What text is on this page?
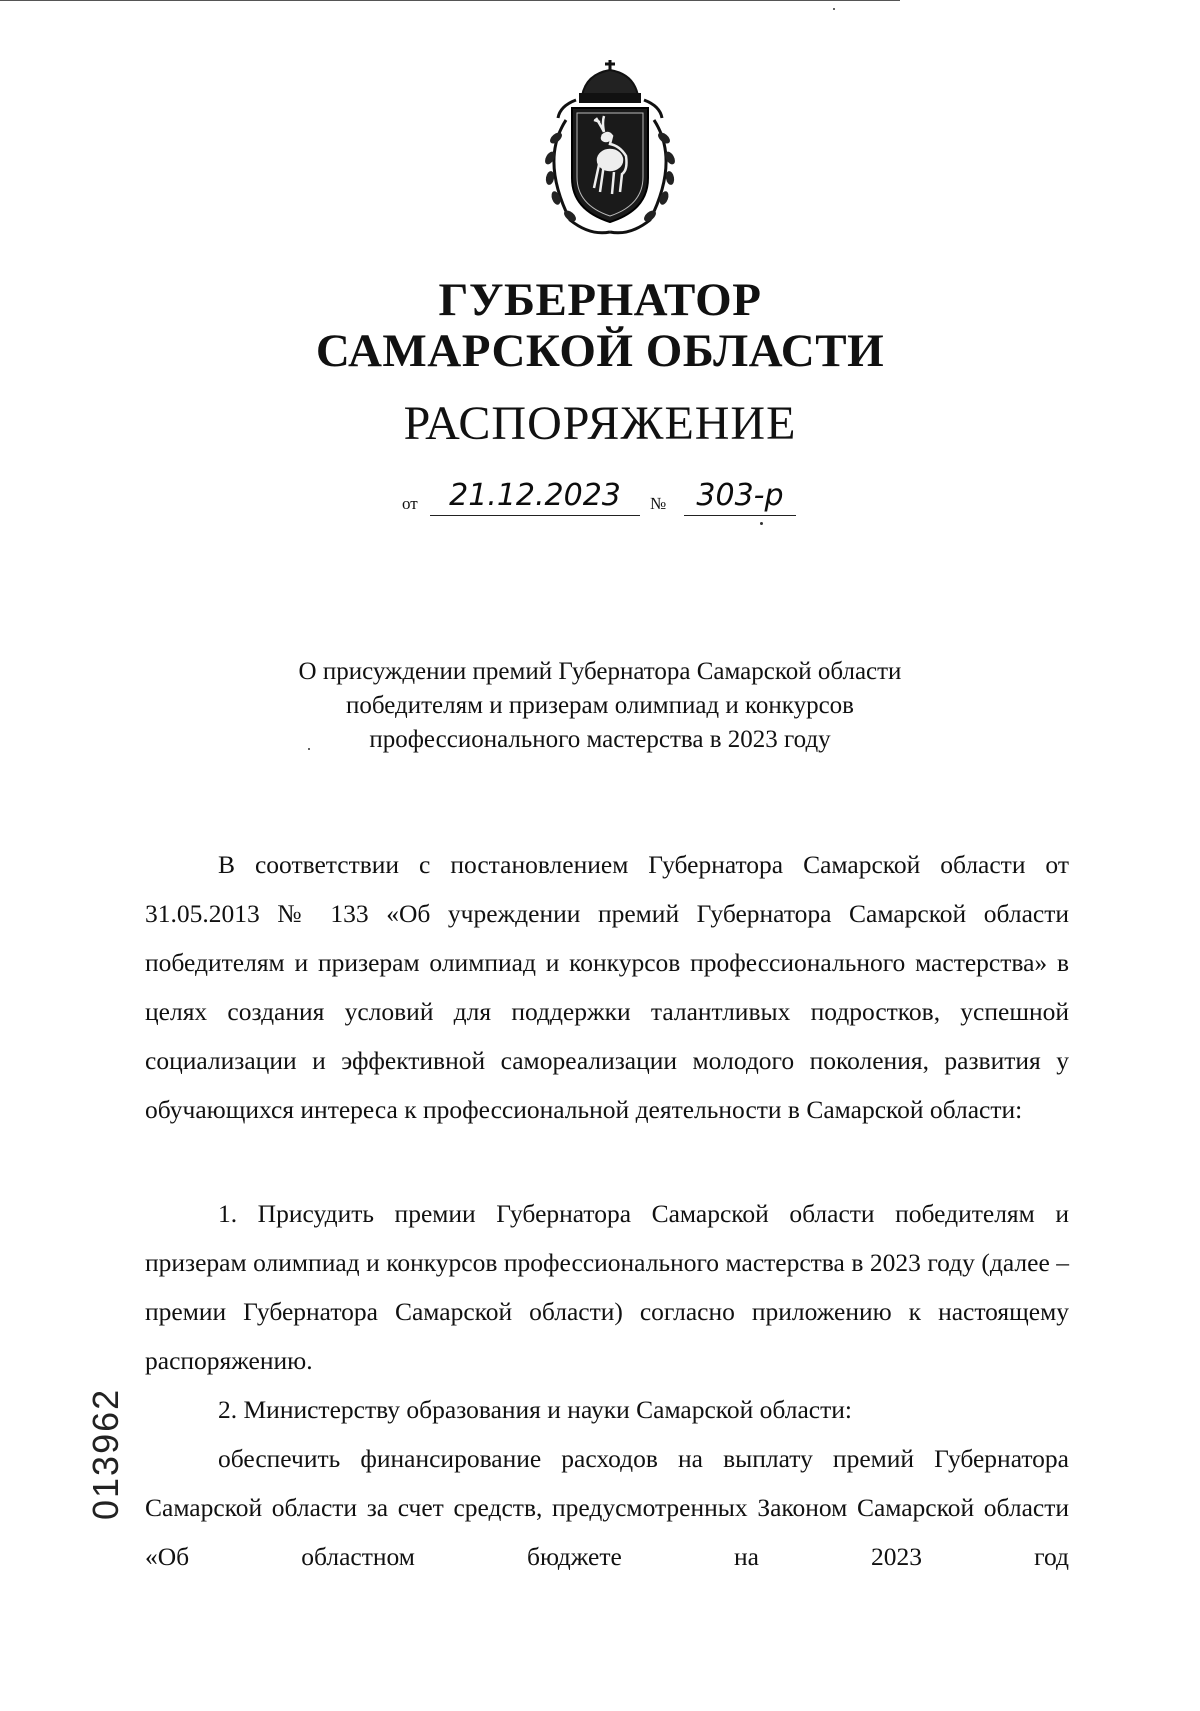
ГУБЕРНАТОР
САМАРСКОЙ ОБЛАСТИ
РАСПОРЯЖЕНИЕ
от	21.12.2023	№	303-р
О присуждении премий Губернатора Самарской области
победителям и призерам олимпиад и конкурсов
профессионального мастерства в 2023 году

В соответствии с постановлением Губернатора Самарской области от 31.05.2013 № 133 «Об учреждении премий Губернатора Самарской области победителям и призерам олимпиад и конкурсов профессионального мастерства» в целях создания условий для поддержки талантливых подростков, успешной социализации и эффективной самореализации молодого поколения, развития у обучающихся интереса к профессиональной деятельности в Самарской области:

1. Присудить премии Губернатора Самарской области победителям и призерам олимпиад и конкурсов профессионального мастерства в 2023 году (далее – премии Губернатора Самарской области) согласно приложению к настоящему распоряжению.

2. Министерству образования и науки Самарской области:

обеспечить финансирование расходов на выплату премий Губернатора Самарской области за счет средств, предусмотренных Законом Самарской области «Об областном бюджете на 2023 год

013962
